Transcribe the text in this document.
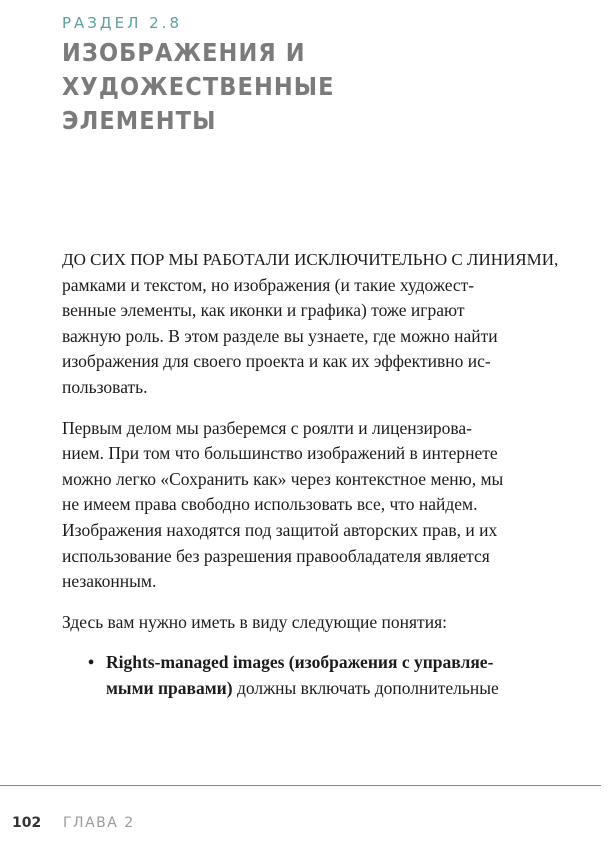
РАЗДЕЛ 2.8
ИЗОБРАЖЕНИЯ И ХУДОЖЕСТВЕННЫЕ
ЭЛЕМЕНТЫ

ДО СИХ ПОР МЫ РАБОТАЛИ ИСКЛЮЧИТЕЛЬНО С ЛИНИЯМИ,

рамками и текстом, но изображения (и такие художест-

венные элементы, как иконки и графика) тоже играют

важную роль. В этом разделе вы узнаете, где можно найти

изображения для своего проекта и как их эффективно ис-

пользовать.

Первым делом мы разберемся с роялти и лицензирова-

нием. При том что большинство изображений в интернете

можно легко «Сохранить как» через контекстное меню, мы

не имеем права свободно использовать все, что найдем.

Изображения находятся под защитой авторских прав, и их

использование без разрешения правообладателя является

незаконным.

Здесь вам нужно иметь в виду следующие понятия:

• Rights-managed images (изображения с управляе-

мыми правами) должны включать дополнительные

102 ГЛАВА 2
